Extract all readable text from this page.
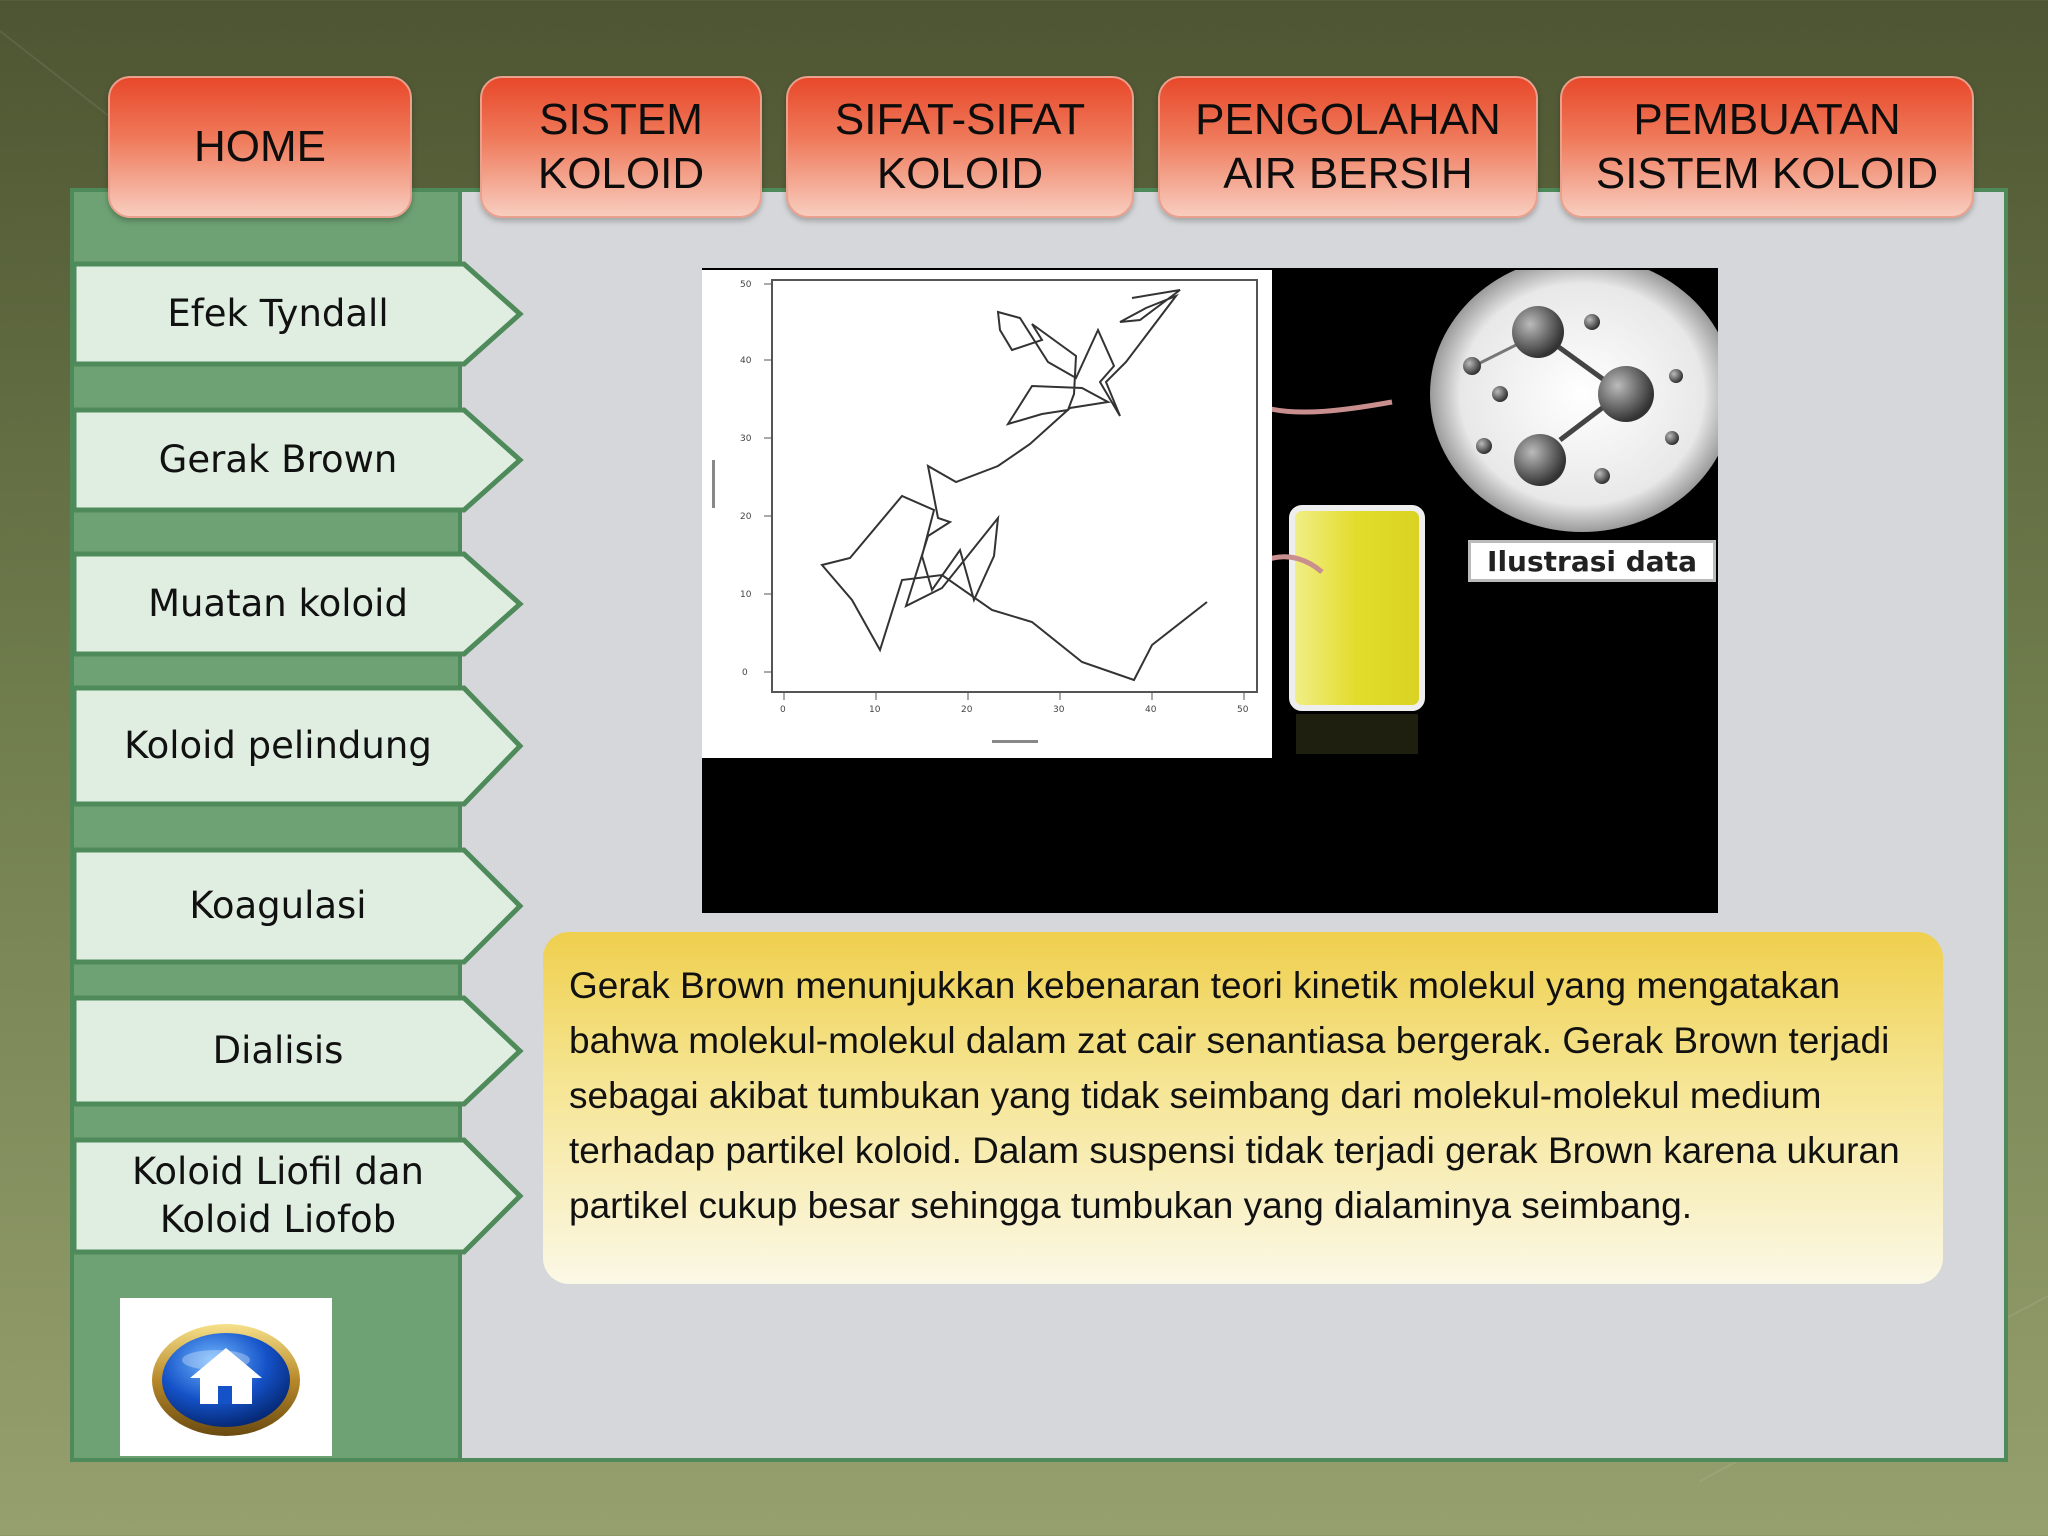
HOME
SISTEM
KOLOID
SIFAT-SIFAT
KOLOID
PENGOLAHAN
AIR BERSIH
PEMBUATAN
SISTEM KOLOID
Efek Tyndall
Gerak Brown
Muatan koloid
Koloid pelindung
Koagulasi
Dialisis
Koloid Liofil dan
Koloid Liofob
0
10
20
30
40
50
0	10	20	30	40	50
Ilustrasi data

Gerak Brown menunjukkan kebenaran teori kinetik molekul yang mengatakan bahwa molekul-molekul dalam zat cair senantiasa bergerak. Gerak Brown terjadi sebagai akibat tumbukan yang tidak seimbang dari molekul-molekul medium terhadap partikel koloid. Dalam suspensi tidak terjadi gerak Brown karena ukuran partikel cukup besar sehingga tumbukan yang dialaminya seimbang.
